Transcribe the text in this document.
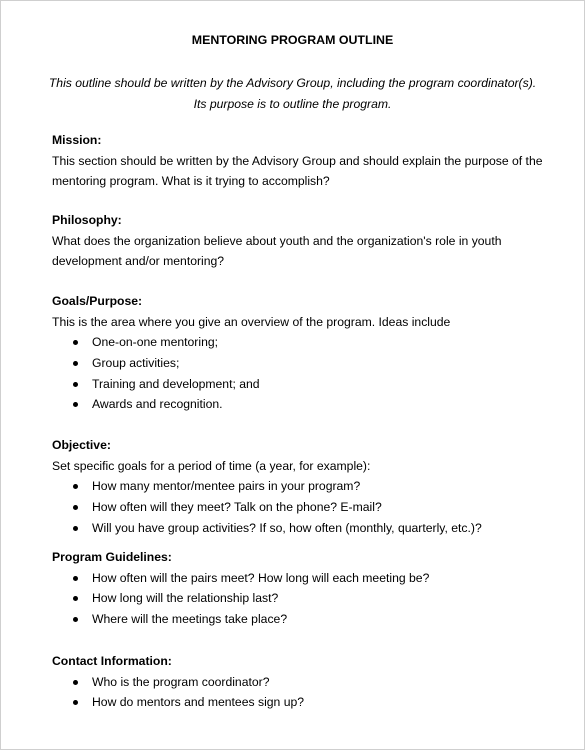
MENTORING PROGRAM OUTLINE
This outline should be written by the Advisory Group, including the program coordinator(s).
Its purpose is to outline the program.
Mission:
This section should be written by the Advisory Group and should explain the purpose of the
mentoring program. What is it trying to accomplish?
Philosophy:
What does the organization believe about youth and the organization's role in youth
development and/or mentoring?
Goals/Purpose:
This is the area where you give an overview of the program. Ideas include
One-on-one mentoring;
Group activities;
Training and development; and
Awards and recognition.
Objective:
Set specific goals for a period of time (a year, for example):
How many mentor/mentee pairs in your program?
How often will they meet? Talk on the phone? E-mail?
Will you have group activities? If so, how often (monthly, quarterly, etc.)?
Program Guidelines:
How often will the pairs meet? How long will each meeting be?
How long will the relationship last?
Where will the meetings take place?
Contact Information:
Who is the program coordinator?
How do mentors and mentees sign up?
